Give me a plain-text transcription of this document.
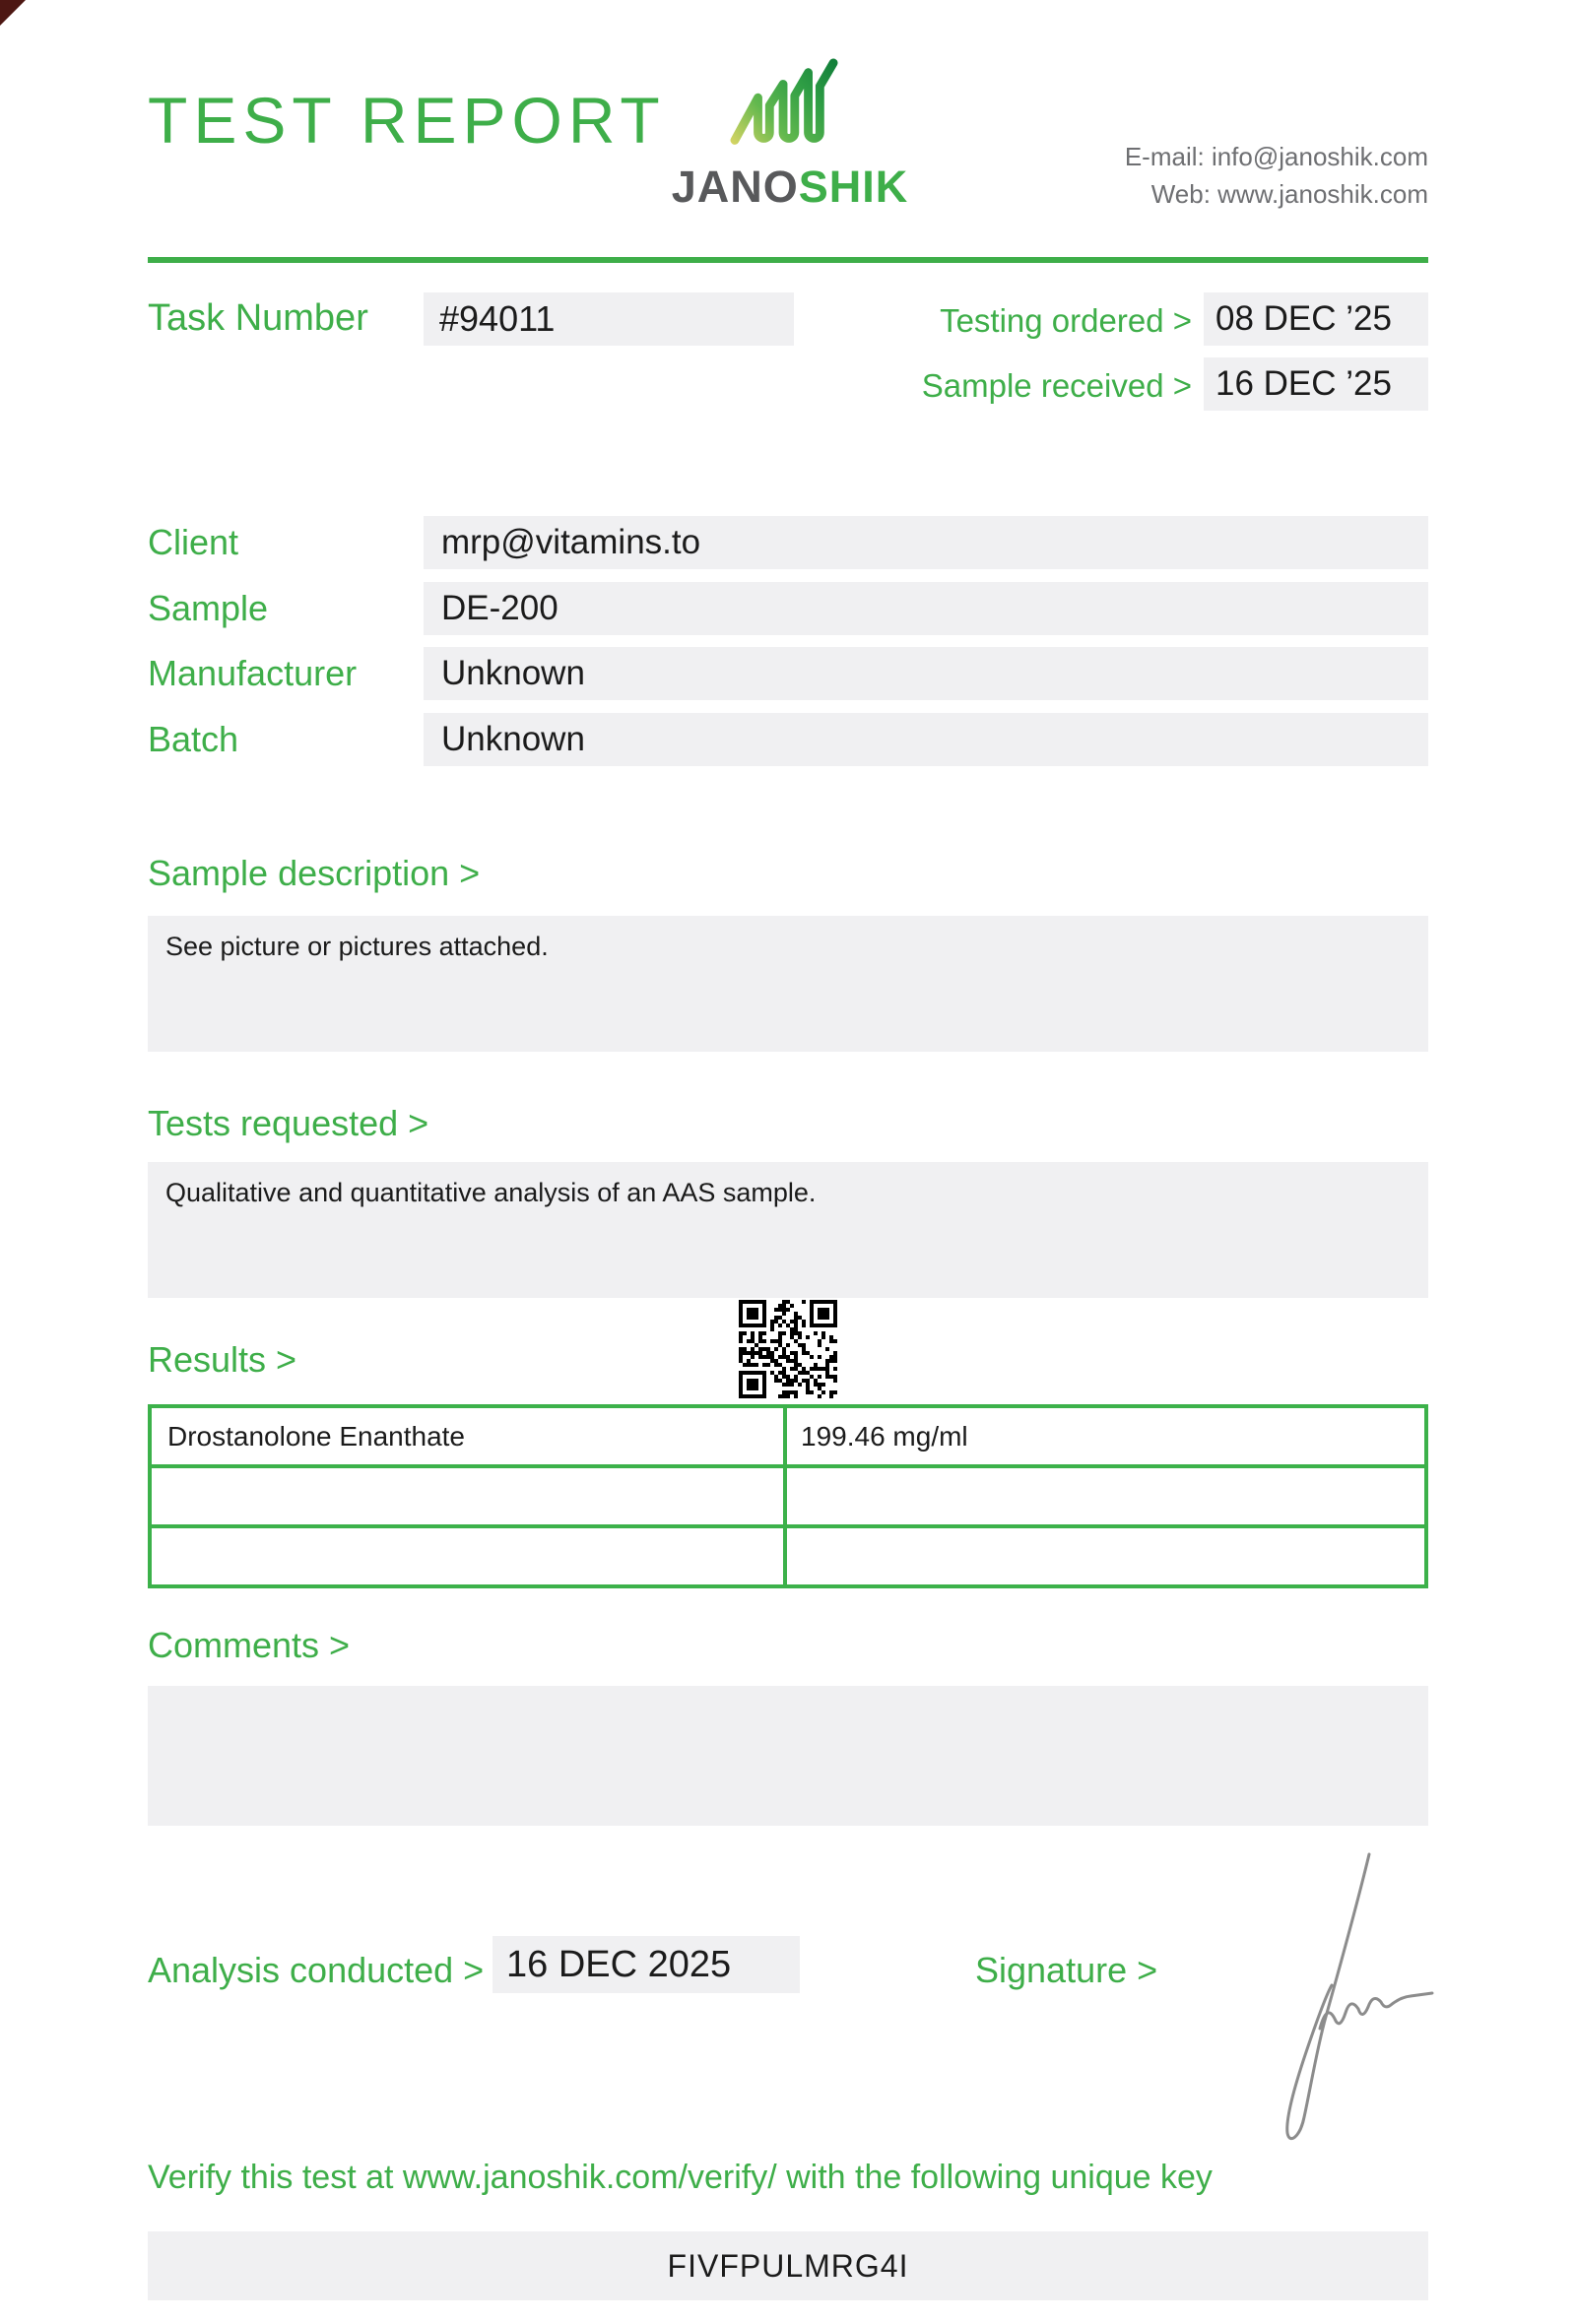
TEST REPORT
JANOSHIK
E-mail: info@janoshik.com
Web: www.janoshik.com
Task Number	#94011	Testing ordered > 08 DEC ’25
Sample received > 16 DEC ’25
Client	mrp@vitamins.to
Sample	DE-200
Manufacturer	Unknown
Batch	Unknown
Sample description >
See picture or pictures attached.
Tests requested >
Qualitative and quantitative analysis of an AAS sample.
Results >
Drostanolone Enanthate	199.46 mg/ml
Comments >
Analysis conducted > 16 DEC 2025	Signature >
Verify this test at www.janoshik.com/verify/ with the following unique key
FIVFPULMRG4I
